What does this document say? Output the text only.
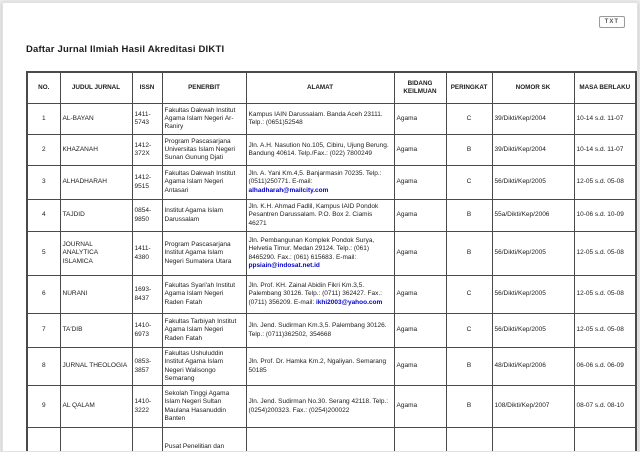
TXT
Daftar Jurnal Ilmiah Hasil Akreditasi DIKTI
NO.	JUDUL JURNAL	ISSN	PENERBIT	ALAMAT	BIDANG KEILMUAN	PERINGKAT	NOMOR SK	MASA BERLAKU
1	AL-BAYAN	1411-5743	Fakultas Dakwah Institut Agama Islam Negeri Ar-Raniry	Kampus IAIN Darussalam. Banda Aceh 23111. Telp.: (0651)52548	Agama	C	39/Dikti/Kep/2004	10-14 s.d. 11-07
2	KHAZANAH	1412-372X	Program Pascasarjana Universitas Islam Negeri Sunan Gunung Djati	Jln. A.H. Nasution No.105, Cibiru, Ujung Berung. Bandung 40614. Telp./Fax.: (022) 7800249	Agama	B	39/Dikti/Kep/2004	10-14 s.d. 11-07
3	ALHADHARAH	1412-9515	Fakultas Dakwah Institut Agama Islam Negeri Antasari	Jln. A. Yani Km.4,5. Banjarmasin 70235. Telp.: (0511)250771. E-mail: alhadharah@mailcity.com	Agama	C	56/Dikti/Kep/2005	12-05 s.d. 05-08
4	TAJDID	0854-9850	Institut Agama Islam Darussalam	Jln. K.H. Ahmad Fadlil, Kampus IAID Pondok Pesantren Darussalam. P.O. Box 2. Ciamis 46271	Agama	B	55a/Dikti/Kep/2006	10-06 s.d. 10-09
5	JOURNAL ANALYTICA ISLAMICA	1411-4380	Program Pascasarjana Institut Agama Islam Negeri Sumatera Utara	Jln. Pembangunan Komplek Pondok Surya, Helvetia Timur. Medan 29124. Telp.: (061) 8465290. Fax.: (061) 615683. E-mail: ppsiain@indosat.net.id	Agama	B	56/Dikti/Kep/2005	12-05 s.d. 05-08
6	NURANI	1693-8437	Fakultas Syari'ah Institut Agama Islam Negeri Raden Fatah	Jln. Prof. KH. Zainal Abidin Fikri Km.3,5. Palembang 30126. Telp.: (0711) 362427. Fax.: (0711) 356209. E-mail: ikhi2003@yahoo.com	Agama	C	56/Dikti/Kep/2005	12-05 s.d. 05-08
7	TA'DIB	1410-6973	Fakultas Tarbiyah Institut Agama Islam Negeri Raden Fatah	Jln. Jend. Sudirman Km.3,5. Palembang 30126. Telp.: (0711)362502, 354668	Agama	C	56/Dikti/Kep/2005	12-05 s.d. 05-08
8	JURNAL THEOLOGIA	0853-3857	Fakultas Ushuluddin Institut Agama Islam Negeri Walisongo Semarang	Jln. Prof. Dr. Hamka Km.2, Ngaliyan. Semarang 50185	Agama	B	48/Dikti/Kep/2006	06-06 s.d. 06-09
9	AL QALAM	1410-3222	Sekolah Tinggi Agama Islam Negeri Sultan Maulana Hasanuddin Banten	Jln. Jend. Sudirman No.30. Serang 42118. Telp.: (0254)200323. Fax.: (0254)200022	Agama	B	108/Dikti/Kep/2007	08-07 s.d. 08-10
			Pusat Penelitian dan					
